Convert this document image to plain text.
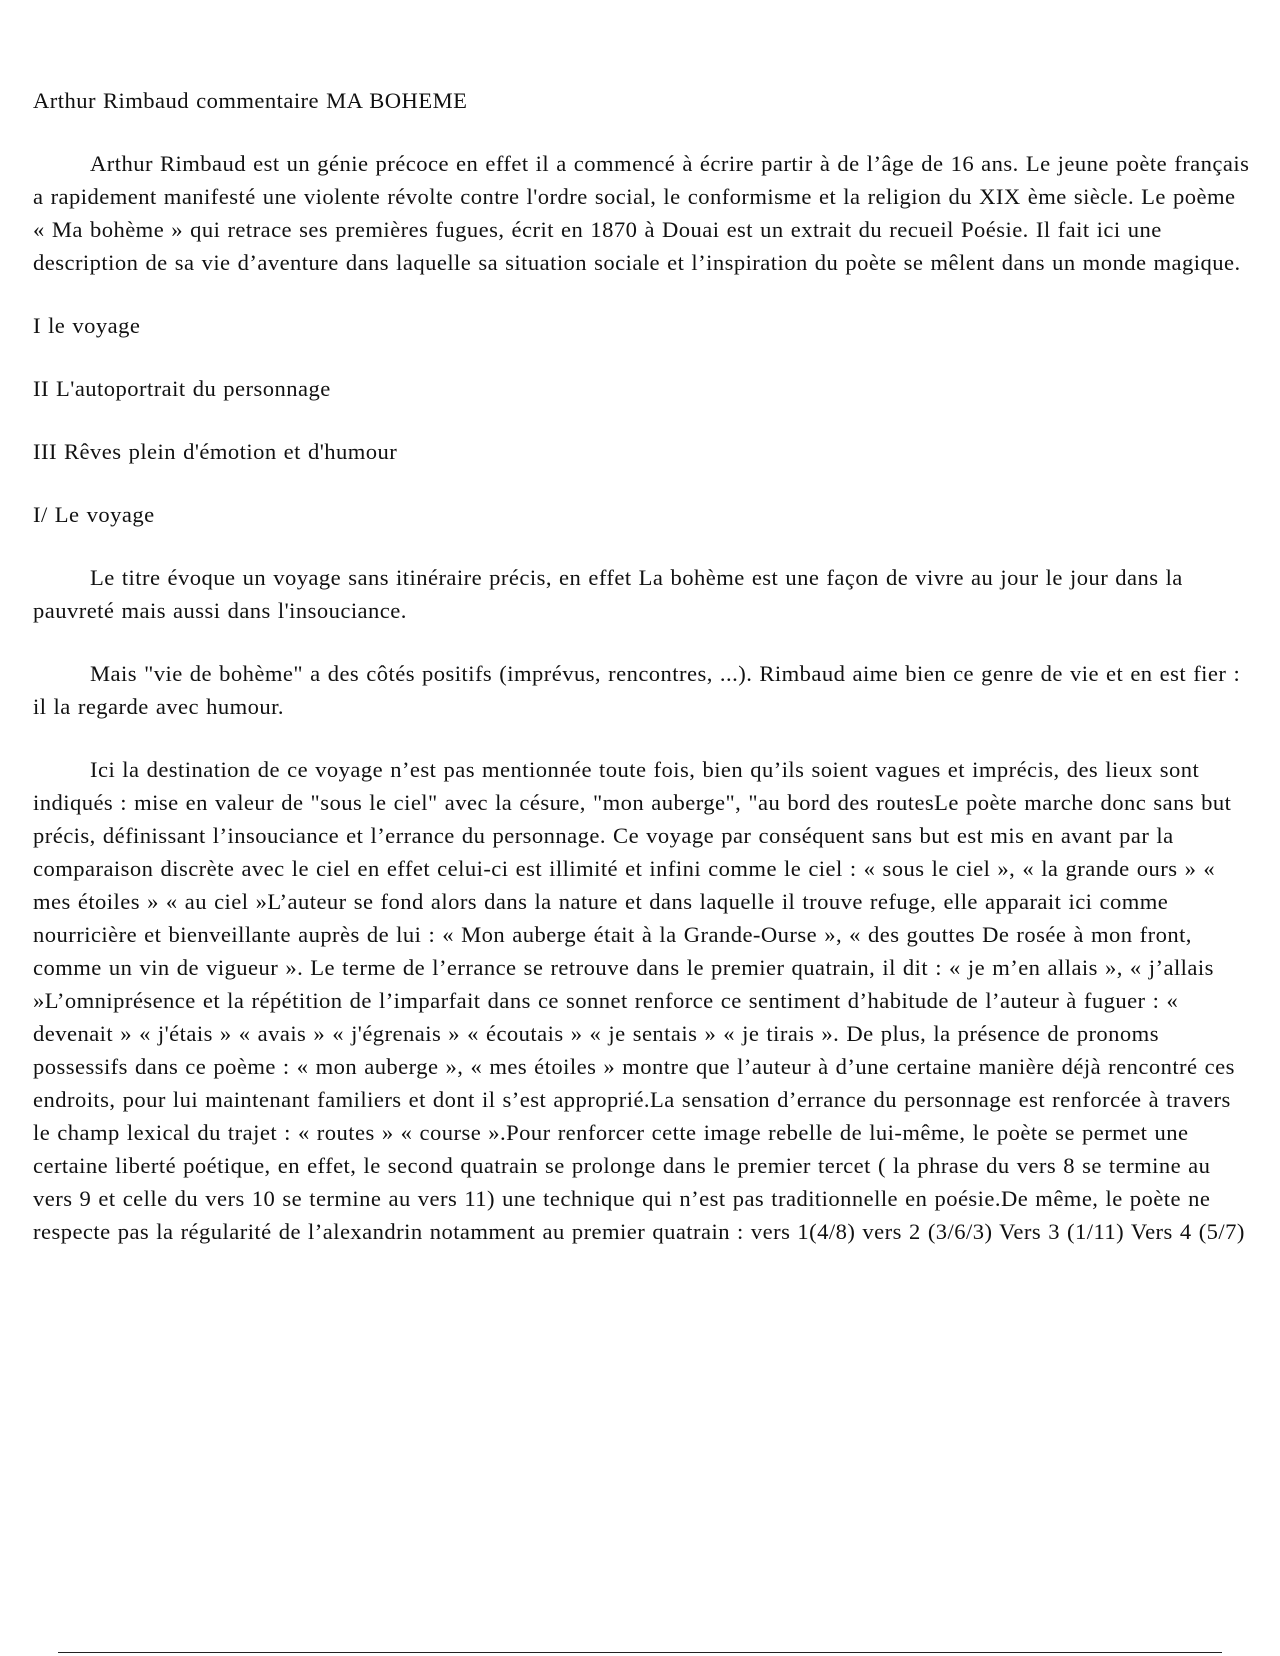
Arthur Rimbaud commentaire MA BOHEME

Arthur Rimbaud est un génie précoce en effet il a commencé à écrire partir à de l’âge de 16 ans. Le jeune poète français a rapidement manifesté une violente révolte contre l'ordre social, le conformisme et la religion du XIX ème siècle. Le poème « Ma bohème » qui retrace ses premières fugues, écrit en 1870 à Douai est un extrait du recueil Poésie. Il fait ici une description de sa vie d’aventure dans laquelle sa situation sociale et l’inspiration du poète se mêlent dans un monde magique.

I le voyage

II L'autoportrait du personnage

III Rêves plein d'émotion et d'humour

I/ Le voyage

Le titre évoque un voyage sans itinéraire précis, en effet La bohème est une façon de vivre au jour le jour dans la pauvreté mais aussi dans l'insouciance.

Mais "vie de bohème" a des côtés positifs (imprévus, rencontres, ...). Rimbaud aime bien ce genre de vie et en est fier : il la regarde avec humour.

Ici la destination de ce voyage n’est pas mentionnée toute fois, bien qu’ils soient vagues et imprécis, des lieux sont indiqués : mise en valeur de "sous le ciel" avec la césure, "mon auberge", "au bord des routesLe poète marche donc sans but précis, définissant l’insouciance et l’errance du personnage. Ce voyage par conséquent sans but est mis en avant par la comparaison discrète avec le ciel en effet celui-ci est illimité et infini comme le ciel : « sous le ciel », « la grande ours » « mes étoiles » « au ciel »L’auteur se fond alors dans la nature et dans laquelle il trouve refuge, elle apparait ici comme nourricière et bienveillante auprès de lui : « Mon auberge était à la Grande-Ourse », « des gouttes De rosée à mon front, comme un vin de vigueur ». Le terme de l’errance se retrouve dans le premier quatrain, il dit : « je m’en allais », « j’allais »L’omniprésence et la répétition de l’imparfait dans ce sonnet renforce ce sentiment d’habitude de l’auteur à fuguer : « devenait » « j'étais » « avais » « j'égrenais » « écoutais » « je sentais » « je tirais ». De plus, la présence de pronoms possessifs dans ce poème : « mon auberge », « mes étoiles » montre que l’auteur à d’une certaine manière déjà rencontré ces endroits, pour lui maintenant familiers et dont il s’est approprié.La sensation d’errance du personnage est renforcée à travers le champ lexical du trajet : « routes » « course ».Pour renforcer cette image rebelle de lui-même, le poète se permet une certaine liberté poétique, en effet, le second quatrain se prolonge dans le premier tercet ( la phrase du vers 8 se termine au vers 9 et celle du vers 10 se termine au vers 11) une technique qui n’est pas traditionnelle en poésie.De même, le poète ne respecte pas la régularité de l’alexandrin notamment au premier quatrain : vers 1(4/8) vers 2 (3/6/3) Vers 3 (1/11) Vers 4 (5/7)
